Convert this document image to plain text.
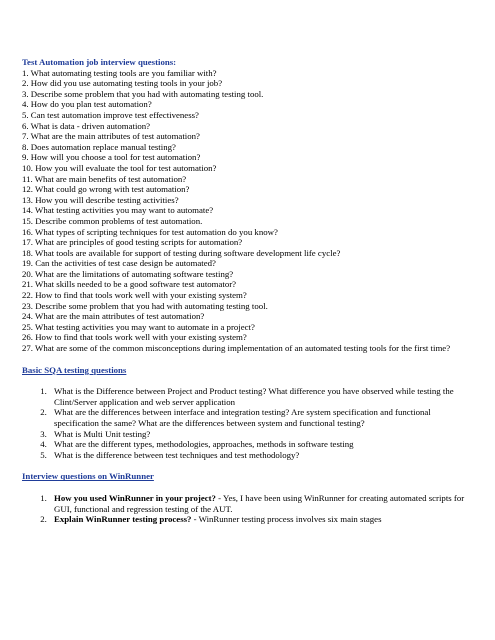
Test Automation job interview questions:
1. What automating testing tools are you familiar with?
2. How did you use automating testing tools in your job?
3. Describe some problem that you had with automating testing tool.
4. How do you plan test automation?
5. Can test automation improve test effectiveness?
6. What is data - driven automation?
7. What are the main attributes of test automation?
8. Does automation replace manual testing?
9. How will you choose a tool for test automation?
10. How you will evaluate the tool for test automation?
11. What are main benefits of test automation?
12. What could go wrong with test automation?
13. How you will describe testing activities?
14. What testing activities you may want to automate?
15. Describe common problems of test automation.
16. What types of scripting techniques for test automation do you know?
17. What are principles of good testing scripts for automation?
18. What tools are available for support of testing during software development life cycle?
19. Can the activities of test case design be automated?
20. What are the limitations of automating software testing?
21. What skills needed to be a good software test automator?
22. How to find that tools work well with your existing system?
23. Describe some problem that you had with automating testing tool.
24. What are the main attributes of test automation?
25. What testing activities you may want to automate in a project?
26. How to find that tools work well with your existing system?
27. What are some of the common misconceptions during implementation of an automated testing tools for the first time?
Basic SQA testing questions
1. What is the Difference between Project and Product testing? What difference you have observed while testing the Clint/Server application and web server application
2. What are the differences between interface and integration testing? Are system specification and functional specification the same? What are the differences between system and functional testing?
3. What is Multi Unit testing?
4. What are the different types, methodologies, approaches, methods in software testing
5. What is the difference between test techniques and test methodology?
Interview questions on WinRunner
1. How you used WinRunner in your project? - Yes, I have been using WinRunner for creating automated scripts for GUI, functional and regression testing of the AUT.
2. Explain WinRunner testing process? - WinRunner testing process involves six main stages
